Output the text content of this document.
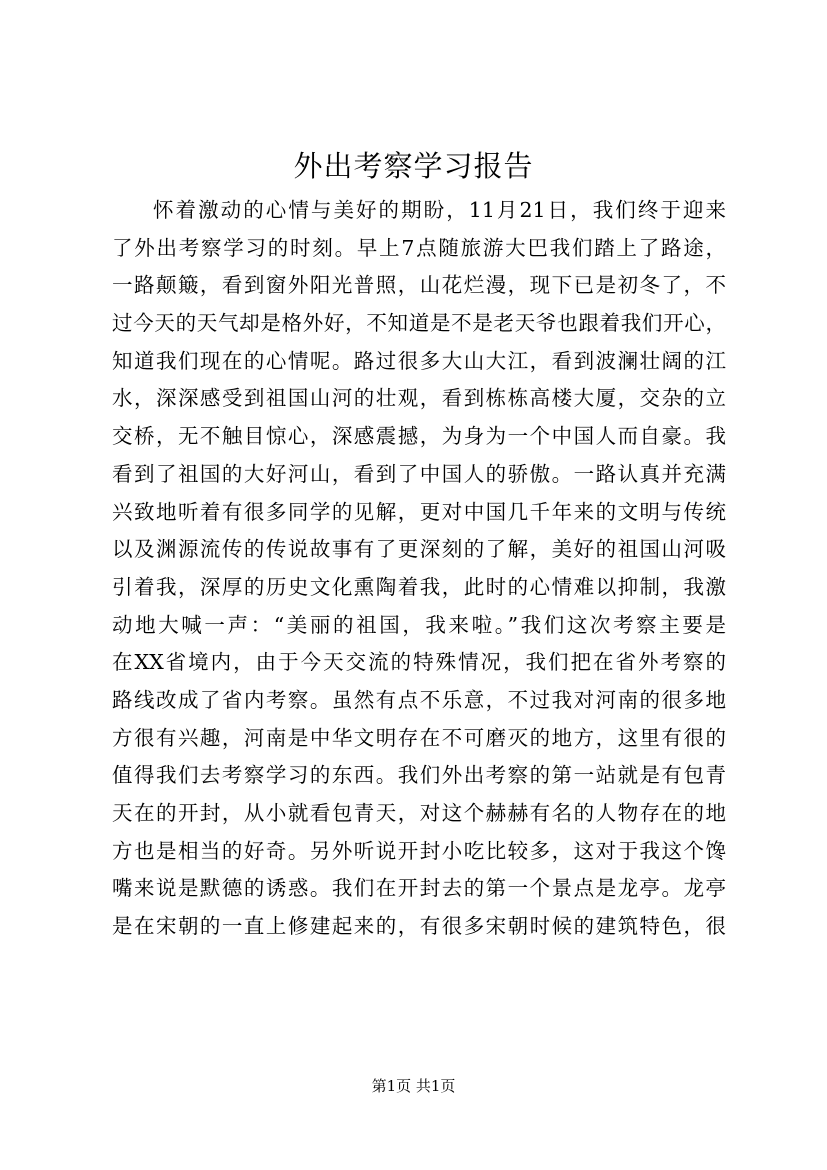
外出考察学习报告
怀着激动的心情与美好的期盼，11月21日，我们终于迎来
了外出考察学习的时刻。早上7点随旅游大巴我们踏上了路途，
一路颠簸，看到窗外阳光普照，山花烂漫，现下已是初冬了，不
过今天的天气却是格外好，不知道是不是老天爷也跟着我们开心，
知道我们现在的心情呢。路过很多大山大江，看到波澜壮阔的江
水，深深感受到祖国山河的壮观，看到栋栋高楼大厦，交杂的立
交桥，无不触目惊心，深感震撼，为身为一个中国人而自豪。我
看到了祖国的大好河山，看到了中国人的骄傲。一路认真并充满
兴致地听着有很多同学的见解，更对中国几千年来的文明与传统
以及渊源流传的传说故事有了更深刻的了解，美好的祖国山河吸
引着我，深厚的历史文化熏陶着我，此时的心情难以抑制，我激
动地大喊一声：“美丽的祖国，我来啦。”我们这次考察主要是
在XX省境内，由于今天交流的特殊情况，我们把在省外考察的
路线改成了省内考察。虽然有点不乐意，不过我对河南的很多地
方很有兴趣，河南是中华文明存在不可磨灭的地方，这里有很的
值得我们去考察学习的东西。我们外出考察的第一站就是有包青
天在的开封，从小就看包青天，对这个赫赫有名的人物存在的地
方也是相当的好奇。另外听说开封小吃比较多，这对于我这个馋
嘴来说是默德的诱惑。我们在开封去的第一个景点是龙亭。龙亭
是在宋朝的一直上修建起来的，有很多宋朝时候的建筑特色，很
第1页 共1页
